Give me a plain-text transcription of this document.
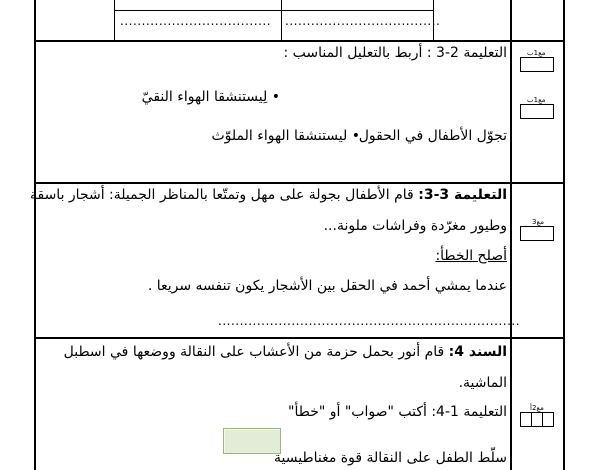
................................... ....................................
التعليمة 2-3 : أربط بالتعليل المناسب :
• لِيستنشقا الهواء النقيّ
تجوّل الأطفال في الحقول
• ليستنشقا الهواء الملوّث
مع1ب
مع1ب
التعليمة 3-3: قام الأطفال بجولة على مهل وتمتّعا بالمناظر الجميلة: أشجار باسقة
وطيور مغرّدة وفراشات ملونة...
أصلح الخطأ:
عندما يمشي أحمد في الحقل بين الأشجار يكون تنفسه سريعا .
......................................................................
مع3
السند 4: قام أنور بحمل حزمة من الأعشاب على النقالة ووضعها في اسطبل
الماشية.
التعليمة 1-4: أكتب "صواب" أو "خطأ"
سلّط الطفل على النقالة قوة مغناطيسية
مع2أ
